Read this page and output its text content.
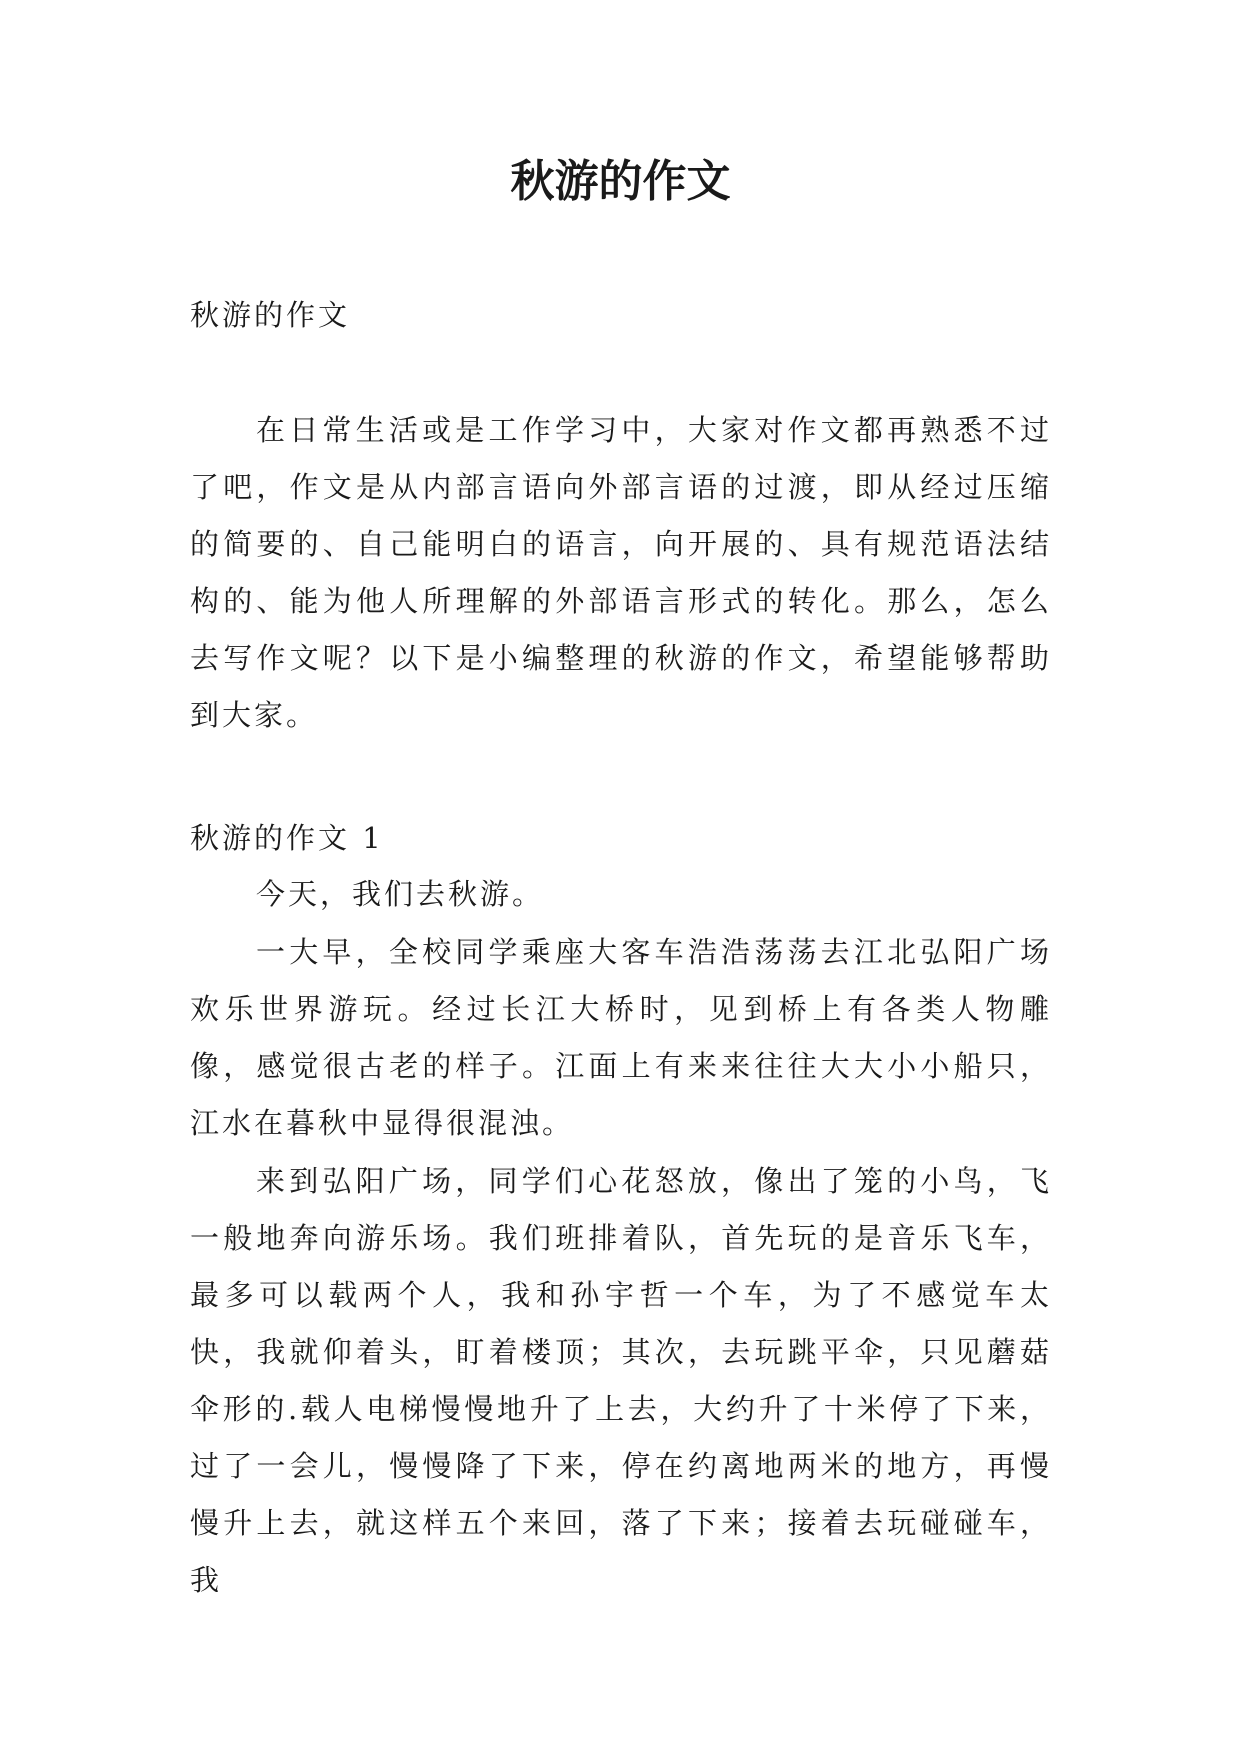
秋游的作文

秋游的作文

在日常生活或是工作学习中，大家对作文都再熟悉不过了吧，作文是从内部言语向外部言语的过渡，即从经过压缩的简要的、自己能明白的语言，向开展的、具有规范语法结构的、能为他人所理解的外部语言形式的转化。那么，怎么去写作文呢？以下是小编整理的秋游的作文，希望能够帮助到大家。

秋游的作文 1

今天，我们去秋游。

一大早，全校同学乘座大客车浩浩荡荡去江北弘阳广场欢乐世界游玩。经过长江大桥时，见到桥上有各类人物雕像，感觉很古老的样子。江面上有来来往往大大小小船只，江水在暮秋中显得很混浊。

来到弘阳广场，同学们心花怒放，像出了笼的小鸟，飞一般地奔向游乐场。我们班排着队，首先玩的是音乐飞车，最多可以载两个人，我和孙宇哲一个车，为了不感觉车太快，我就仰着头，盯着楼顶；其次，去玩跳平伞，只见蘑菇伞形的.载人电梯慢慢地升了上去，大约升了十米停了下来，过了一会儿，慢慢降了下来，停在约离地两米的地方，再慢慢升上去，就这样五个来回，落了下来；接着去玩碰碰车，我
